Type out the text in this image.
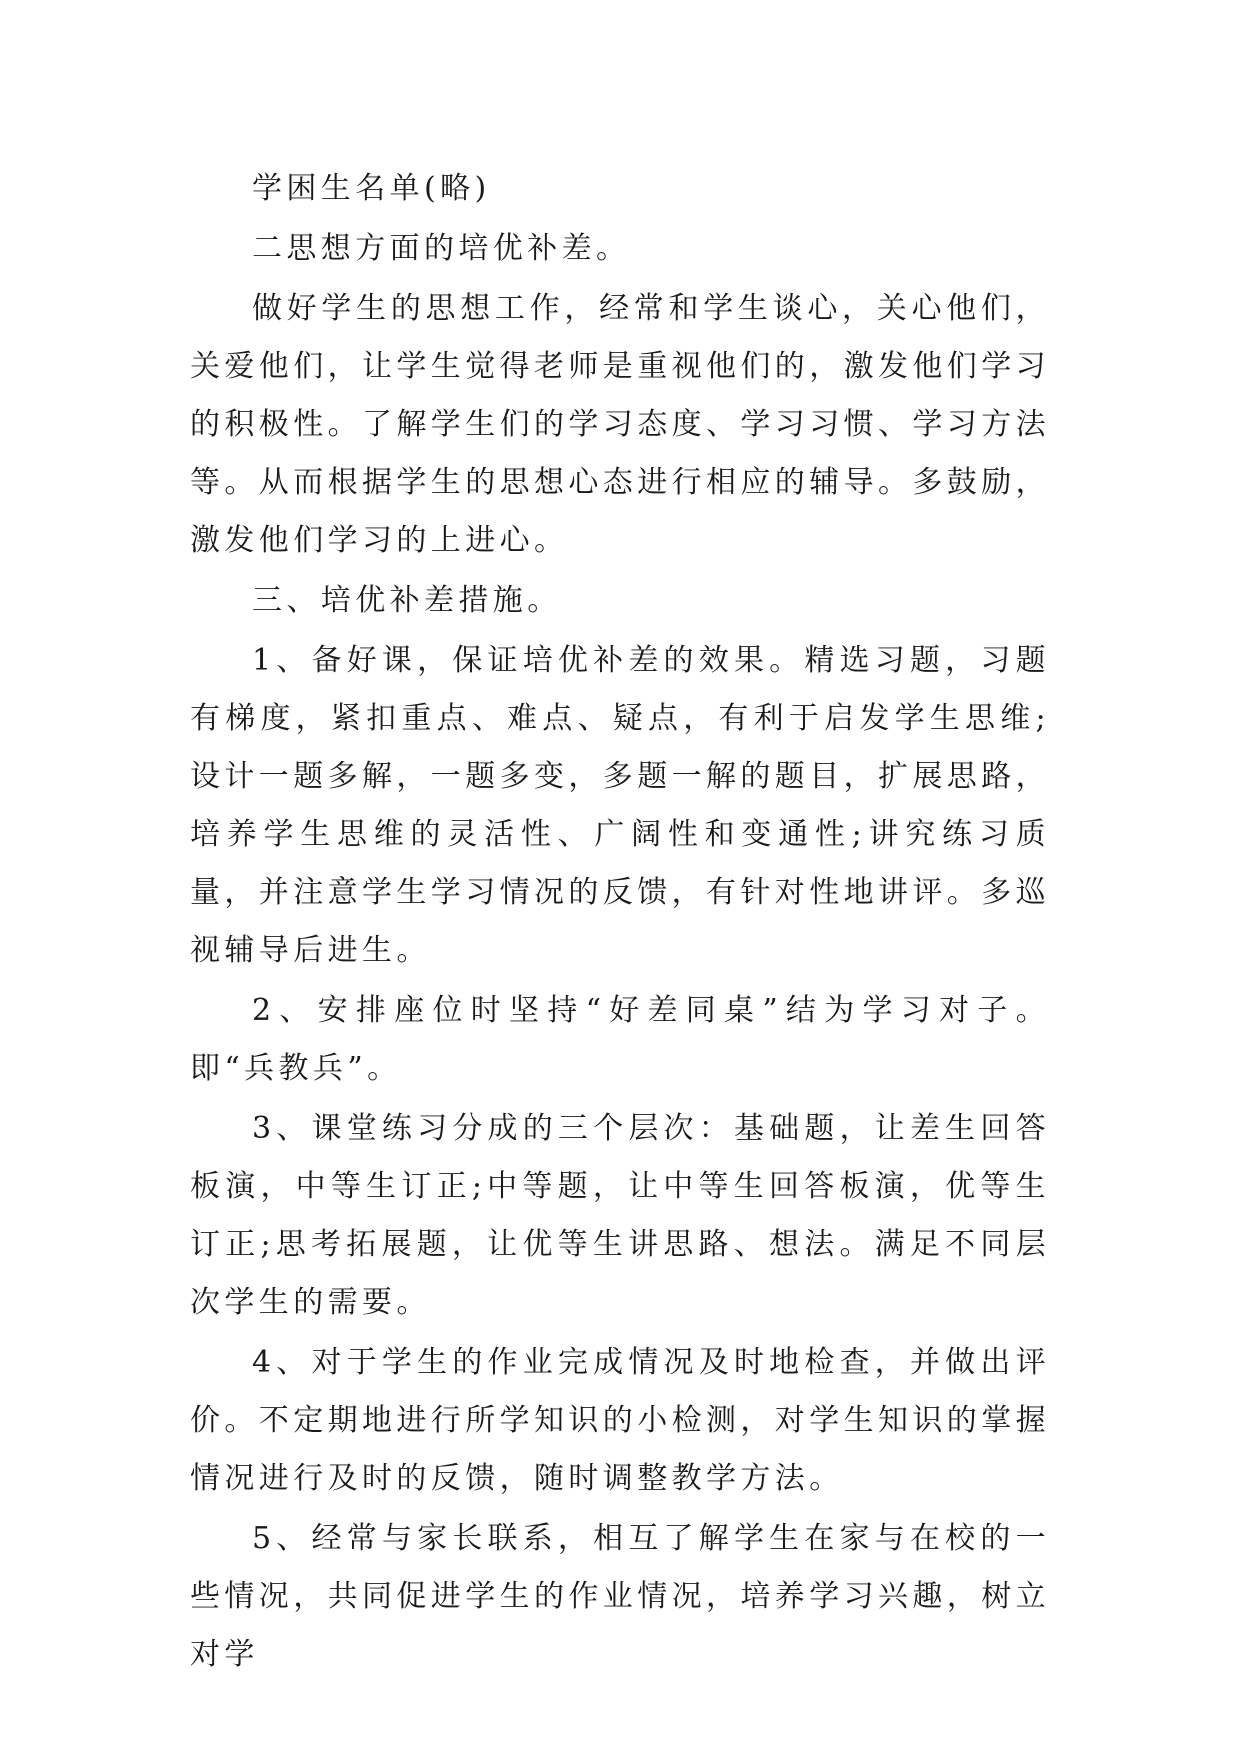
学困生名单(略)

二思想方面的培优补差。

做好学生的思想工作，经常和学生谈心，关心他们，关爱他们，让学生觉得老师是重视他们的，激发他们学习的积极性。了解学生们的学习态度、学习习惯、学习方法等。从而根据学生的思想心态进行相应的辅导。多鼓励，激发他们学习的上进心。

三、培优补差措施。

1、备好课，保证培优补差的效果。精选习题，习题有梯度，紧扣重点、难点、疑点，有利于启发学生思维;设计一题多解，一题多变，多题一解的题目，扩展思路，培养学生思维的灵活性、广阔性和变通性;讲究练习质量，并注意学生学习情况的反馈，有针对性地讲评。多巡视辅导后进生。

2、安排座位时坚持“好差同桌”结为学习对子。即“兵教兵”。

3、课堂练习分成的三个层次：基础题，让差生回答板演，中等生订正;中等题，让中等生回答板演，优等生订正;思考拓展题，让优等生讲思路、想法。满足不同层次学生的需要。

4、对于学生的作业完成情况及时地检查，并做出评价。不定期地进行所学知识的小检测，对学生知识的掌握情况进行及时的反馈，随时调整教学方法。

5、经常与家长联系，相互了解学生在家与在校的一些情况，共同促进学生的作业情况，培养学习兴趣，树立对学
